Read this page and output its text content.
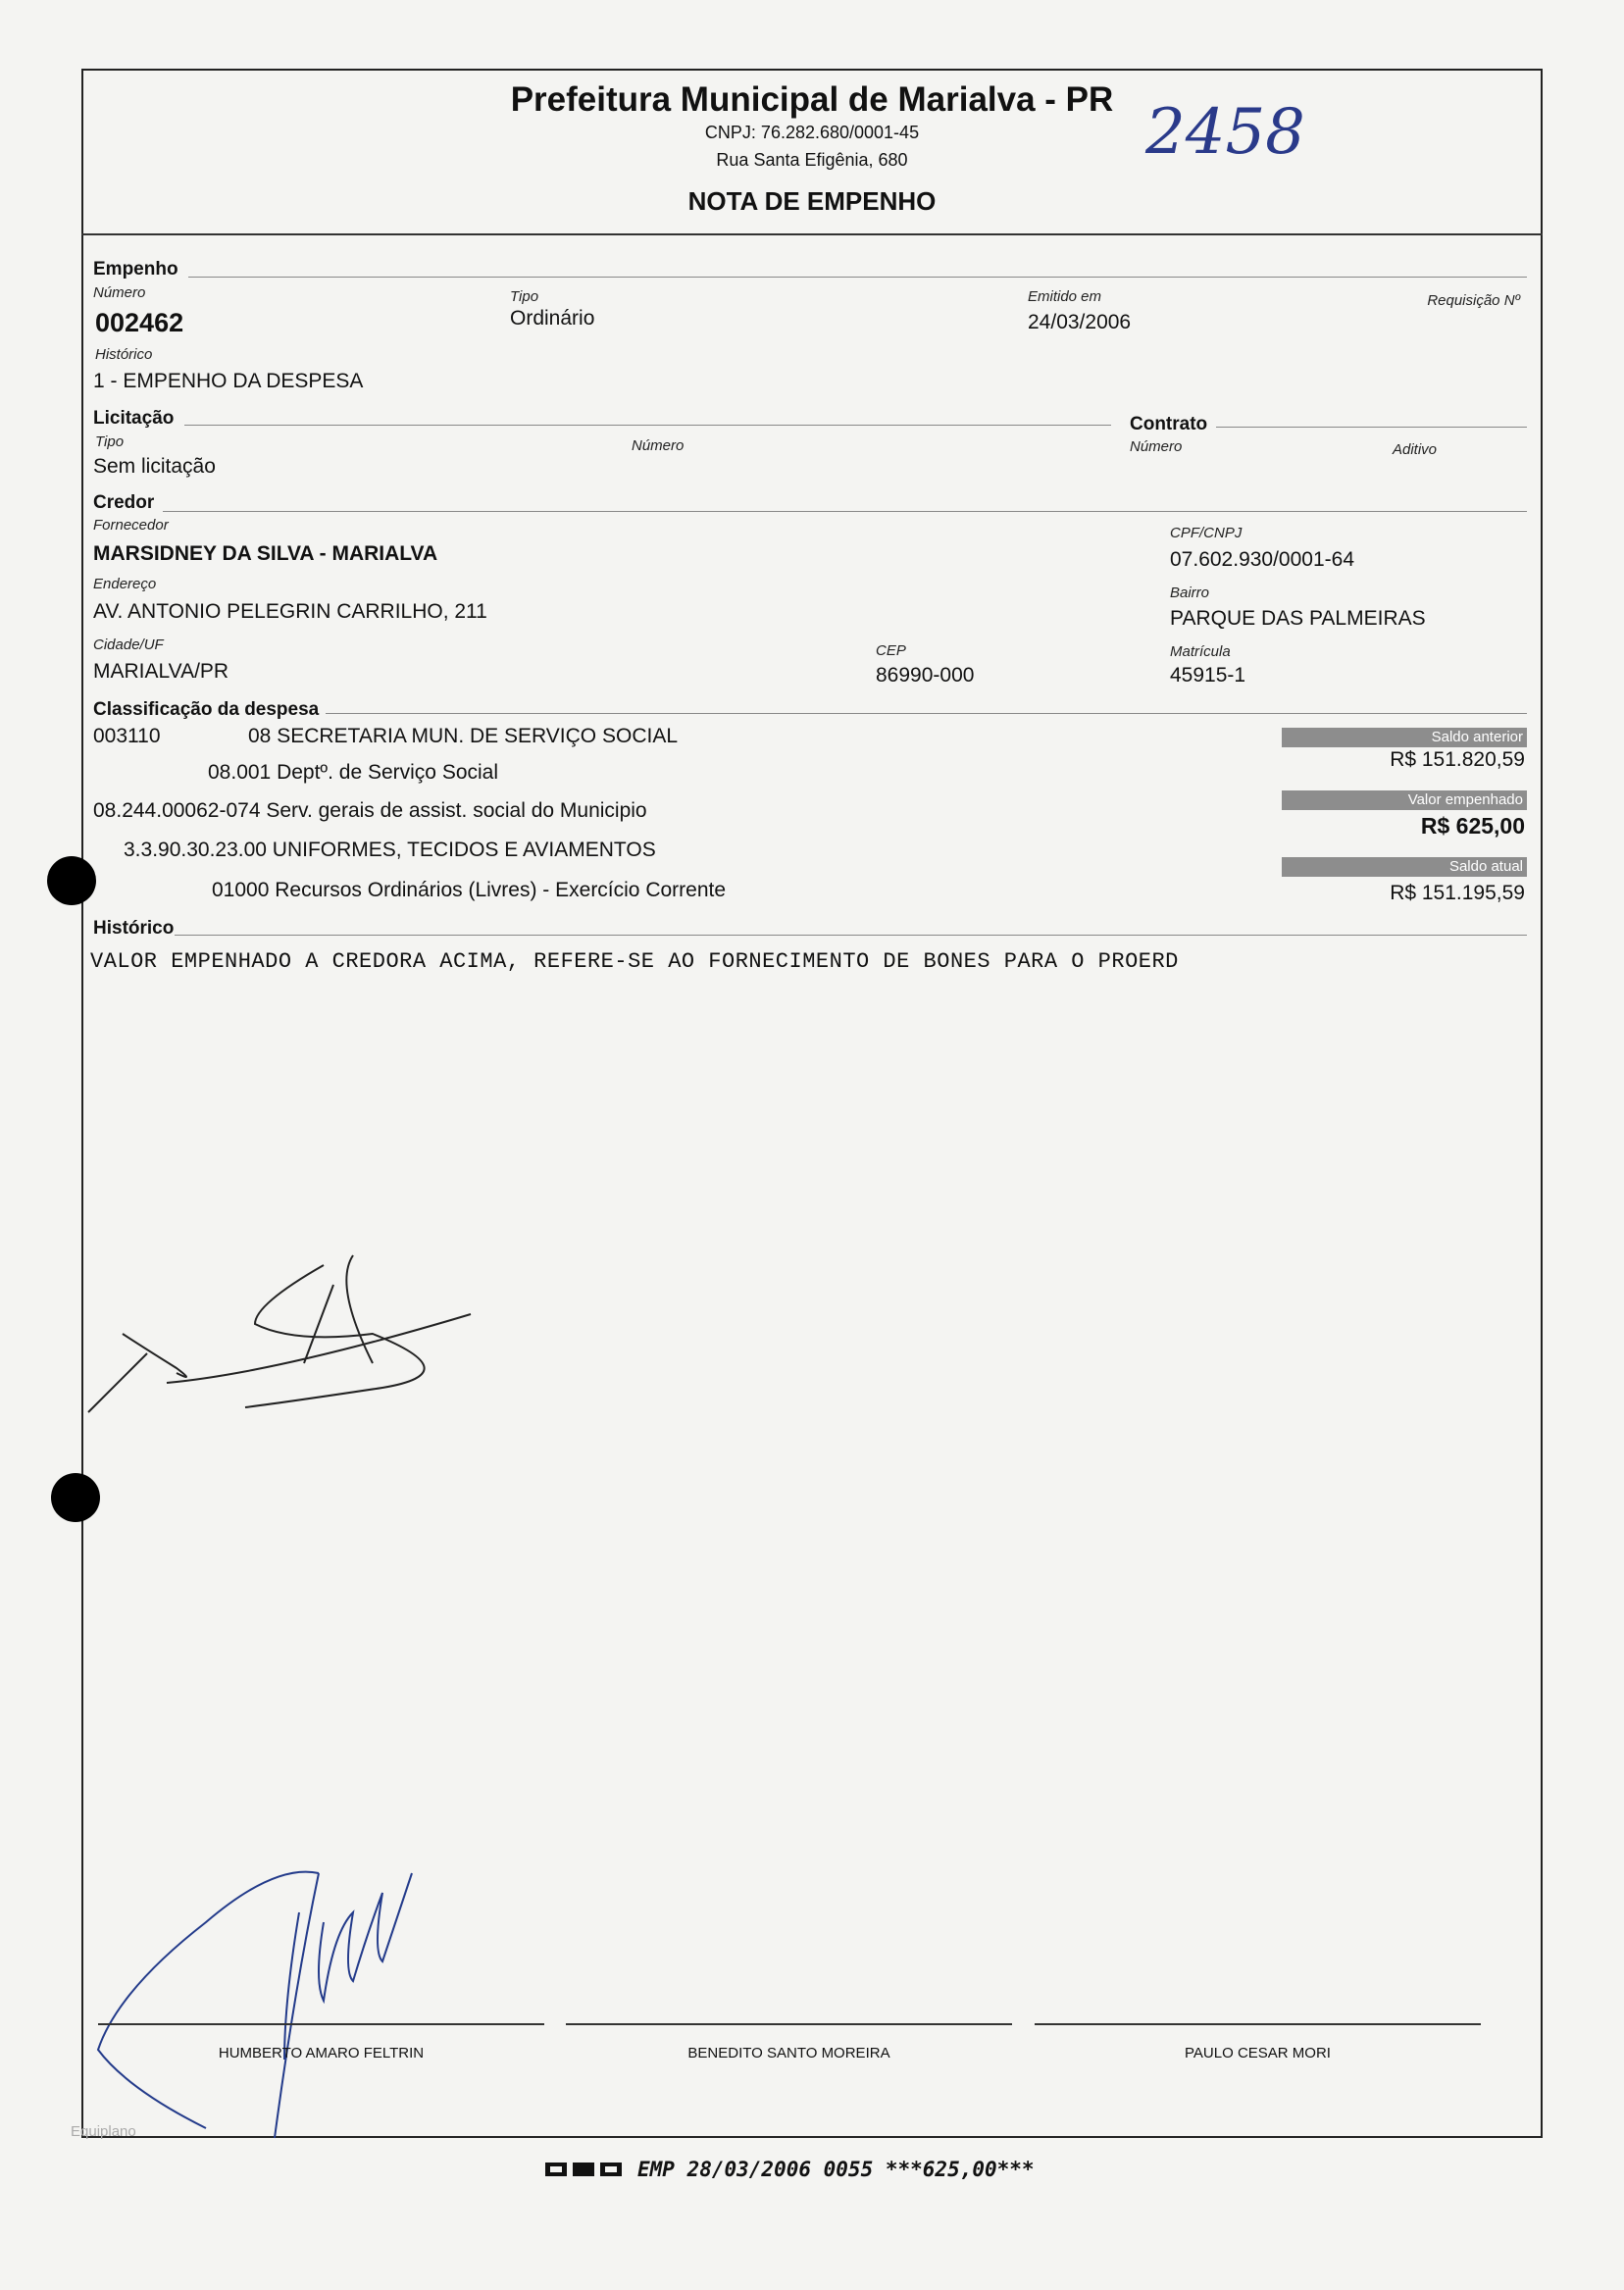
Prefeitura Municipal de Marialva - PR
CNPJ: 76.282.680/0001-45
Rua Santa Efigênia, 680
NOTA DE EMPENHO
2458
Empenho
Número
002462
Tipo
Ordinário
Emitido em
24/03/2006
Requisição Nº
Histórico
1 - EMPENHO DA DESPESA
Licitação
Tipo
Sem licitação
Número
Contrato
Número	Aditivo
Credor
Fornecedor
MARSIDNEY DA SILVA - MARIALVA
CPF/CNPJ
07.602.930/0001-64
Endereço
AV. ANTONIO PELEGRIN CARRILHO, 211
Bairro
PARQUE DAS PALMEIRAS
Cidade/UF
MARIALVA/PR
CEP
86990-000
Matrícula
45915-1
Classificação da despesa
003110	08 SECRETARIA MUN. DE SERVIÇO SOCIAL
08.001 Deptº. de Serviço Social
08.244.00062-074 Serv. gerais de assist. social do Municipio
3.3.90.30.23.00 UNIFORMES, TECIDOS E AVIAMENTOS
01000 Recursos Ordinários (Livres) - Exercício Corrente
Saldo anterior
R$ 151.820,59
Valor empenhado
R$ 625,00
Saldo atual
R$ 151.195,59
Histórico
VALOR EMPENHADO A CREDORA ACIMA, REFERE-SE AO FORNECIMENTO DE BONES PARA O PROERD
HUMBERTO AMARO FELTRIN	BENEDITO SANTO MOREIRA	PAULO CESAR MORI
Equiplano
EMP 28/03/2006 0055 ***625,00***
